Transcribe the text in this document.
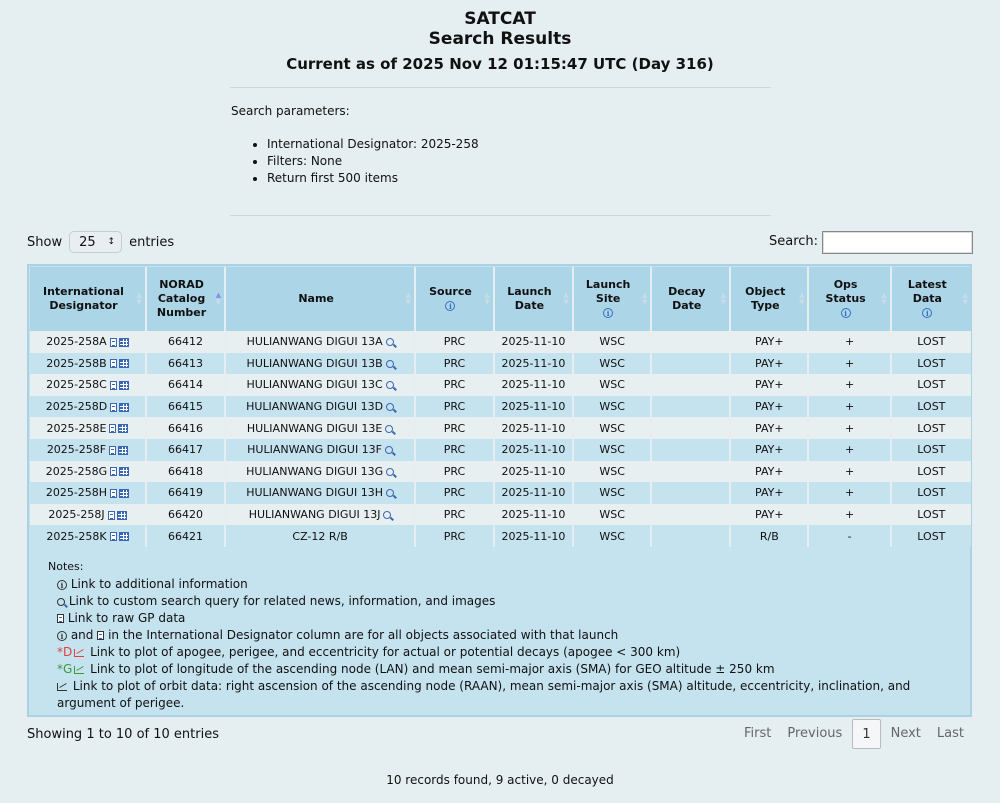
SATCAT
Search Results
Current as of 2025 Nov 12 01:15:47 UTC (Day 316)
Search parameters:
• International Designator: 2025-258
• Filters: None
• Return first 500 items
Show 25 ↕ entries	Search:
International Designator
▲
▼	NORAD Catalog Number
▲
▼	Name ▲
▼	Source
i
▲
▼	Launch Date
▲
▼	Launch Site
i
▲
▼	Decay Date
▲
▼	Object Type
▲
▼	Ops Status
i
▲
▼	Latest Data
i
▲
▼

2025-258A	66412	HULIANWANG DIGUI 13A	PRC	2025-11-10	WSC		PAY+	+	LOST
2025-258B	66413	HULIANWANG DIGUI 13B	PRC	2025-11-10	WSC		PAY+	+	LOST
2025-258C	66414	HULIANWANG DIGUI 13C	PRC	2025-11-10	WSC		PAY+	+	LOST
2025-258D	66415	HULIANWANG DIGUI 13D	PRC	2025-11-10	WSC		PAY+	+	LOST
2025-258E	66416	HULIANWANG DIGUI 13E	PRC	2025-11-10	WSC		PAY+	+	LOST
2025-258F	66417	HULIANWANG DIGUI 13F	PRC	2025-11-10	WSC		PAY+	+	LOST
2025-258G	66418	HULIANWANG DIGUI 13G	PRC	2025-11-10	WSC		PAY+	+	LOST
2025-258H	66419	HULIANWANG DIGUI 13H	PRC	2025-11-10	WSC		PAY+	+	LOST
2025-258J	66420	HULIANWANG DIGUI 13J	PRC	2025-11-10	WSC		PAY+	+	LOST
2025-258K	66421	CZ-12 R/B	PRC	2025-11-10	WSC		R/B	-	LOST
Notes:
i Link to additional information
Link to custom search query for related news, information, and images
Link to raw GP data
i and in the International Designator column are for all objects associated with that launch
*D Link to plot of apogee, perigee, and eccentricity for actual or potential decays (apogee < 300 km)
*G Link to plot of longitude of the ascending node (LAN) and mean semi-major axis (SMA) for GEO altitude ± 250 km
Link to plot of orbit data: right ascension of the ascending node (RAAN), mean semi-major axis (SMA) altitude, eccentricity, inclination, and argument of perigee.
Showing 1 to 10 of 10 entries	First	Previous	1	Next	Last
10 records found, 9 active, 0 decayed
